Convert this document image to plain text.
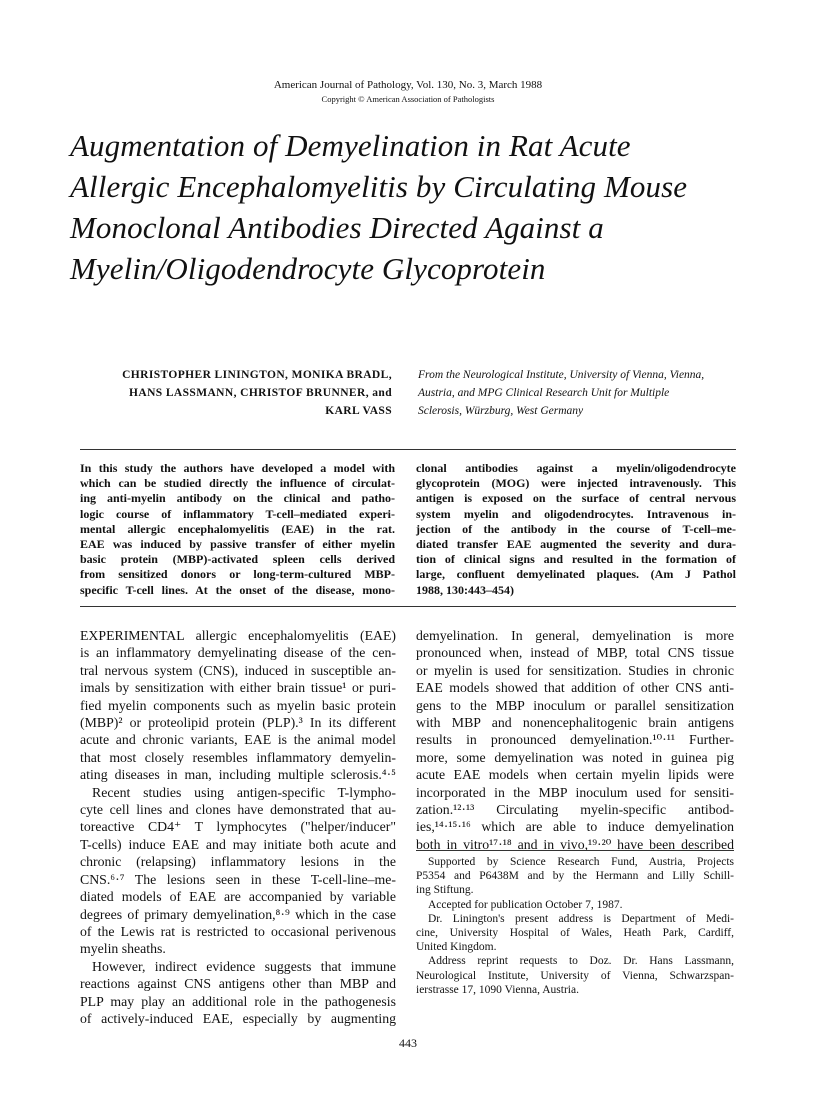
American Journal of Pathology, Vol. 130, No. 3, March 1988
Copyright © American Association of Pathologists
Augmentation of Demyelination in Rat Acute
Allergic Encephalomyelitis by Circulating Mouse
Monoclonal Antibodies Directed Against a
Myelin/Oligodendrocyte Glycoprotein
CHRISTOPHER LININGTON, MONIKA BRADL,
HANS LASSMANN, CHRISTOF BRUNNER, and
KARL VASS
From the Neurological Institute, University of Vienna, Vienna,
Austria, and MPG Clinical Research Unit for Multiple
Sclerosis, Würzburg, West Germany
In this study the authors have developed a model with
which can be studied directly the influence of circulat-
ing anti-myelin antibody on the clinical and patho-
logic course of inflammatory T-cell–mediated experi-
mental allergic encephalomyelitis (EAE) in the rat.
EAE was induced by passive transfer of either myelin
basic protein (MBP)-activated spleen cells derived
from sensitized donors or long-term-cultured MBP-
specific T-cell lines. At the onset of the disease, mono-
clonal antibodies against a myelin/oligodendrocyte
glycoprotein (MOG) were injected intravenously. This
antigen is exposed on the surface of central nervous
system myelin and oligodendrocytes. Intravenous in-
jection of the antibody in the course of T-cell–me-
diated transfer EAE augmented the severity and dura-
tion of clinical signs and resulted in the formation of
large, confluent demyelinated plaques. (Am J Pathol
1988, 130:443–454)
EXPERIMENTAL allergic encephalomyelitis (EAE)
is an inflammatory demyelinating disease of the cen-
tral nervous system (CNS), induced in susceptible an-
imals by sensitization with either brain tissue¹ or puri-
fied myelin components such as myelin basic protein
(MBP)² or proteolipid protein (PLP).³ In its different
acute and chronic variants, EAE is the animal model
that most closely resembles inflammatory demyelin-
ating diseases in man, including multiple sclerosis.⁴·⁵
Recent studies using antigen-specific T-lympho-
cyte cell lines and clones have demonstrated that au-
toreactive CD4⁺ T lymphocytes ("helper/inducer"
T-cells) induce EAE and may initiate both acute and
chronic (relapsing) inflammatory lesions in the
CNS.⁶·⁷ The lesions seen in these T-cell-line–me-
diated models of EAE are accompanied by variable
degrees of primary demyelination,⁸·⁹ which in the case
of the Lewis rat is restricted to occasional perivenous
myelin sheaths.
However, indirect evidence suggests that immune
reactions against CNS antigens other than MBP and
PLP may play an additional role in the pathogenesis
of actively-induced EAE, especially by augmenting
demyelination. In general, demyelination is more
pronounced when, instead of MBP, total CNS tissue
or myelin is used for sensitization. Studies in chronic
EAE models showed that addition of other CNS anti-
gens to the MBP inoculum or parallel sensitization
with MBP and nonencephalitogenic brain antigens
results in pronounced demyelination.¹⁰·¹¹ Further-
more, some demyelination was noted in guinea pig
acute EAE models when certain myelin lipids were
incorporated in the MBP inoculum used for sensiti-
zation.¹²·¹³ Circulating myelin-specific antibod-
ies,¹⁴·¹⁵·¹⁶ which are able to induce demyelination
both in vitro¹⁷·¹⁸ and in vivo,¹⁹·²⁰ have been described
Supported by Science Research Fund, Austria, Projects
P5354 and P6438M and by the Hermann and Lilly Schill-
ing Stiftung.
Accepted for publication October 7, 1987.
Dr. Linington's present address is Department of Medi-
cine, University Hospital of Wales, Heath Park, Cardiff,
United Kingdom.
Address reprint requests to Doz. Dr. Hans Lassmann,
Neurological Institute, University of Vienna, Schwarzspan-
ierstrasse 17, 1090 Vienna, Austria.
443
